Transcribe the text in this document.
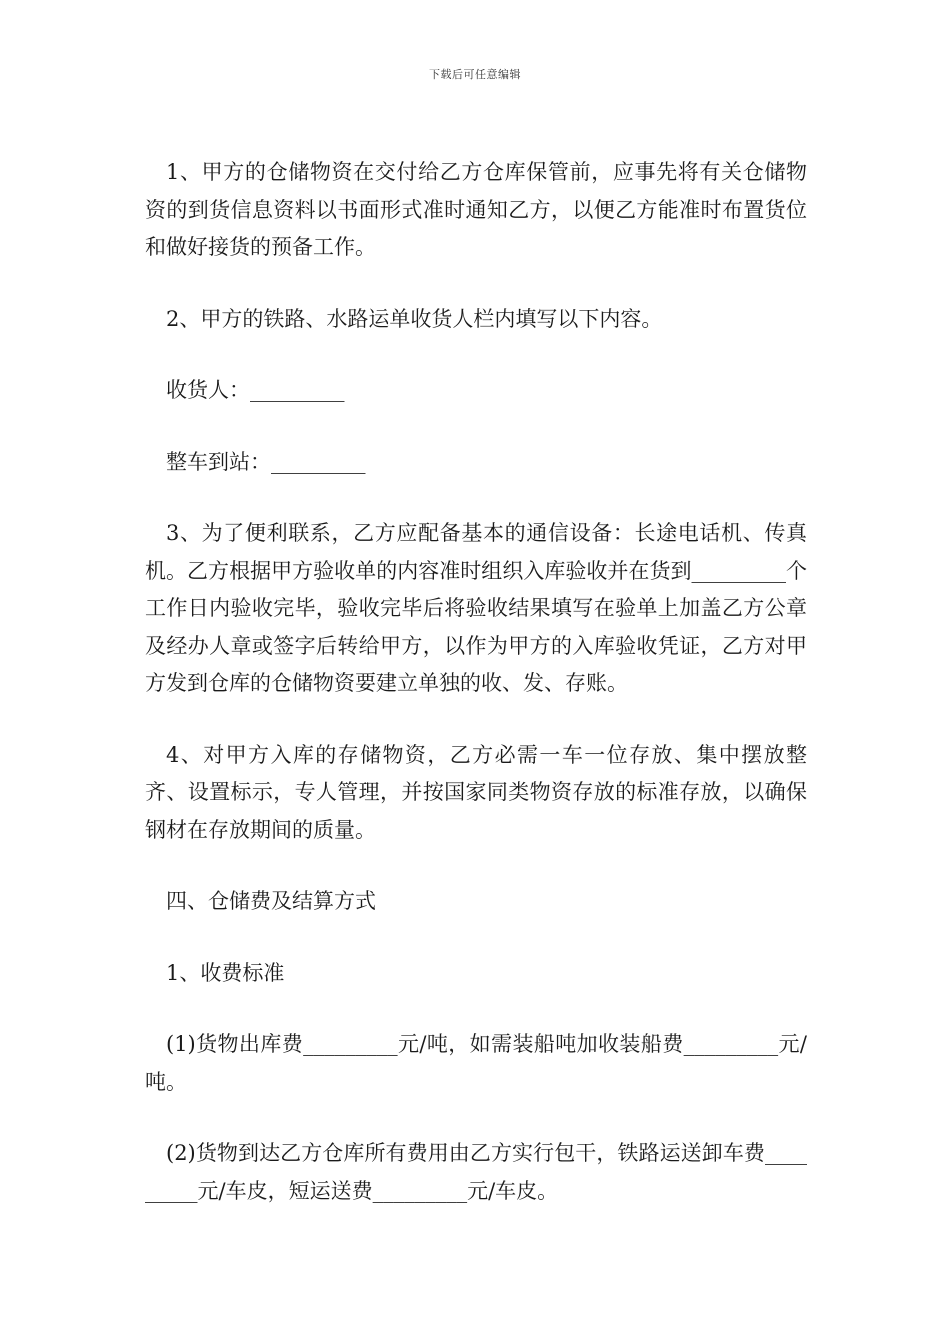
下载后可任意编辑

1、甲方的仓储物资在交付给乙方仓库保管前，应事先将有关仓储物资的到货信息资料以书面形式准时通知乙方，以便乙方能准时布置货位和做好接货的预备工作。

2、甲方的铁路、水路运单收货人栏内填写以下内容。

收货人：_________

整车到站：_________

3、为了便利联系，乙方应配备基本的通信设备：长途电话机、传真机。乙方根据甲方验收单的内容准时组织入库验收并在货到_________个工作日内验收完毕，验收完毕后将验收结果填写在验单上加盖乙方公章及经办人章或签字后转给甲方，以作为甲方的入库验收凭证，乙方对甲方发到仓库的仓储物资要建立单独的收、发、存账。

4、对甲方入库的存储物资，乙方必需一车一位存放、集中摆放整齐、设置标示，专人管理，并按国家同类物资存放的标准存放，以确保钢材在存放期间的质量。

四、仓储费及结算方式

1、收费标准

(1)货物出库费_________元/吨，如需装船吨加收装船费_________元/吨。

(2)货物到达乙方仓库所有费用由乙方实行包干，铁路运送卸车费_________元/车皮，短运送费_________元/车皮。
